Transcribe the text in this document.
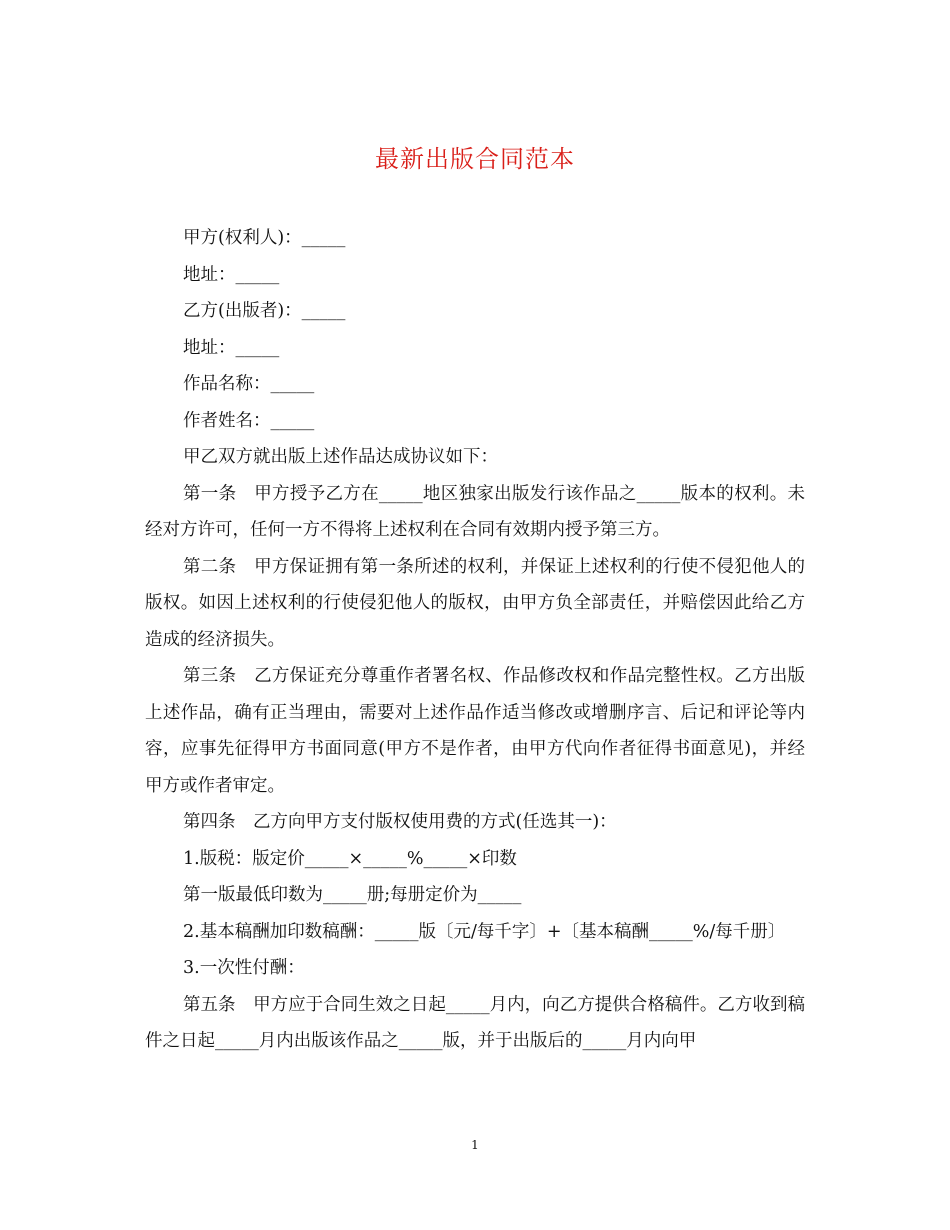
最新出版合同范本

甲方(权利人)：_____

地址：_____

乙方(出版者)：_____

地址：_____

作品名称：_____

作者姓名：_____

甲乙双方就出版上述作品达成协议如下：

第一条　甲方授予乙方在_____地区独家出版发行该作品之_____版本的权利。未经对方许可，任何一方不得将上述权利在合同有效期内授予第三方。

第二条　甲方保证拥有第一条所述的权利，并保证上述权利的行使不侵犯他人的版权。如因上述权利的行使侵犯他人的版权，由甲方负全部责任，并赔偿因此给乙方造成的经济损失。

第三条　乙方保证充分尊重作者署名权、作品修改权和作品完整性权。乙方出版上述作品，确有正当理由，需要对上述作品作适当修改或增删序言、后记和评论等内容，应事先征得甲方书面同意(甲方不是作者，由甲方代向作者征得书面意见)，并经甲方或作者审定。

第四条　乙方向甲方支付版权使用费的方式(任选其一)：

1.版税：版定价_____×_____%_____×印数

第一版最低印数为_____册;每册定价为_____

2.基本稿酬加印数稿酬：_____版〔元/每千字〕+〔基本稿酬_____%/每千册〕

3.一次性付酬：

第五条　甲方应于合同生效之日起_____月内，向乙方提供合格稿件。乙方收到稿件之日起_____月内出版该作品之_____版，并于出版后的_____月内向甲

1
